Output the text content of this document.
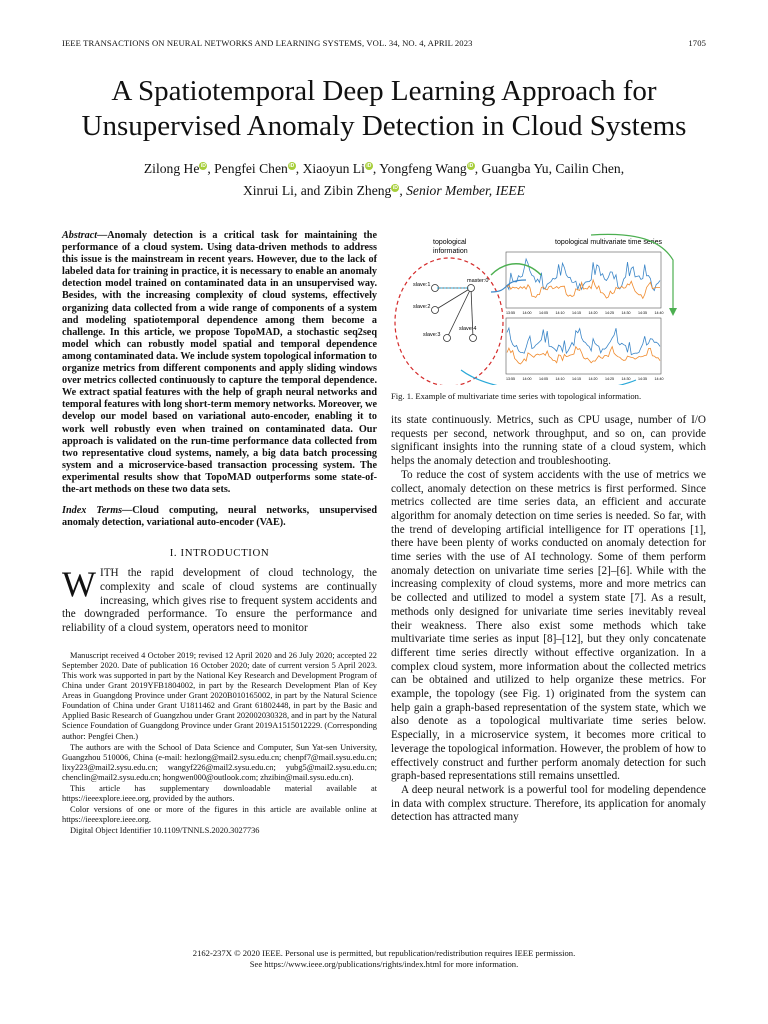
IEEE TRANSACTIONS ON NEURAL NETWORKS AND LEARNING SYSTEMS, VOL. 34, NO. 4, APRIL 2023	1705
A Spatiotemporal Deep Learning Approach for Unsupervised Anomaly Detection in Cloud Systems
Zilong He iD , Pengfei Chen iD , Xiaoyun Li iD , Yongfeng Wang iD , Guangba Yu, Cailin Chen,
Xinrui Li, and Zibin Zheng iD , Senior Member, IEEE

Abstract—Anomaly detection is a critical task for maintaining the performance of a cloud system. Using data-driven methods to address this issue is the mainstream in recent years. However, due to the lack of labeled data for training in practice, it is necessary to enable an anomaly detection model trained on contaminated data in an unsupervised way. Besides, with the increasing complexity of cloud systems, effectively organizing data collected from a wide range of components of a system and modeling spatiotemporal dependence among them become a challenge. In this article, we propose TopoMAD, a stochastic seq2seq model which can robustly model spatial and temporal dependence among contaminated data. We include system topological information to organize metrics from different components and apply sliding windows over metrics collected continuously to capture the temporal dependence. We extract spatial features with the help of graph neural networks and temporal features with long short-term memory networks. Moreover, we develop our model based on variational auto-encoder, enabling it to work well robustly even when trained on contaminated data. Our approach is validated on the run-time performance data collected from two representative cloud systems, namely, a big data batch processing system and a microservice-based transaction processing system. The experimental results show that TopoMAD outperforms some state-of-the-art methods on these two data sets.

Index Terms—Cloud computing, neural networks, unsupervised anomaly detection, variational auto-encoder (VAE).

I. INTRODUCTION

WITH the rapid development of cloud technology, the complexity and scale of cloud systems are continually increasing, which gives rise to frequent system accidents and the downgraded performance. To ensure the performance and reliability of a cloud system, operators need to monitor

Manuscript received 4 October 2019; revised 12 April 2020 and 26 July 2020; accepted 22 September 2020. Date of publication 16 October 2020; date of current version 5 April 2023. This work was supported in part by the National Key Research and Development Program of China under Grant 2019YFB1804002, in part by the Research Development Plan of Key Areas in Guangdong Province under Grant 2020B010165002, in part by the Natural Science Foundation of China under Grant U1811462 and Grant 61802448, in part by the Basic and Applied Basic Research of Guangzhou under Grant 202002030328, and in part by the Natural Science Foundation of Guangdong Province under Grant 2019A1515012229. (Corresponding author: Pengfei Chen.)

The authors are with the School of Data Science and Computer, Sun Yat-sen University, Guangzhou 510006, China (e-mail: hezlong@mail2.sysu.edu.cn; chenpf7@mail.sysu.edu.cn; lixy223@mail2.sysu.edu.cn; wangyf226@mail2.sysu.edu.cn; yubg5@mail2.sysu.edu.cn; chenclin@mail2.sysu.edu.cn; hongwen000@outlook.com; zhzibin@mail.sysu.edu.cn).

This article has supplementary downloadable material available at https://ieeexplore.ieee.org, provided by the authors.

Color versions of one or more of the figures in this article are available online at https://ieeexplore.ieee.org.

Digital Object Identifier 10.1109/TNNLS.2020.3027736

topological
information
topological multivariate time series
slave:1
master:0
slave:2
slave:3
slave:4
13:55 14:00 14:05 14:10 14:15 14:20 14:25 14:30 14:35 14:40
13:55 14:00 14:05 14:10 14:15 14:20 14:25 14:30 14:35 14:40
Fig. 1. Example of multivariate time series with topological information.

its state continuously. Metrics, such as CPU usage, number of I/O requests per second, network throughput, and so on, can provide significant insights into the running state of a cloud system, which helps the anomaly detection and troubleshooting.

To reduce the cost of system accidents with the use of metrics we collect, anomaly detection on these metrics is first performed. Since metrics collected are time series data, an efficient and accurate algorithm for anomaly detection on time series is needed. So far, with the trend of developing artificial intelligence for IT operations [1], there have been plenty of works conducted on anomaly detection for time series with the use of AI technology. Some of them perform anomaly detection on univariate time series [2]–[6]. While with the increasing complexity of cloud systems, more and more metrics can be collected and utilized to model a system state [7]. As a result, methods only designed for univariate time series inevitably reveal their weakness. There also exist some methods which take multivariate time series as input [8]–[12], but they only concatenate different time series directly without effective organization. In a complex cloud system, more information about the collected metrics can be obtained and utilized to help organize these metrics. For example, the topology (see Fig. 1) originated from the system can help gain a graph-based representation of the system state, which we also denote as a topological multivariate time series below. Especially, in a microservice system, it becomes more critical to leverage the topological information. However, the problem of how to effectively construct and further perform anomaly detection for such graph-based representations still remains unsettled.

A deep neural network is a powerful tool for modeling dependence in data with complex structure. Therefore, its application for anomaly detection has attracted many

2162-237X © 2020 IEEE. Personal use is permitted, but republication/redistribution requires IEEE permission.
See https://www.ieee.org/publications/rights/index.html for more information.
